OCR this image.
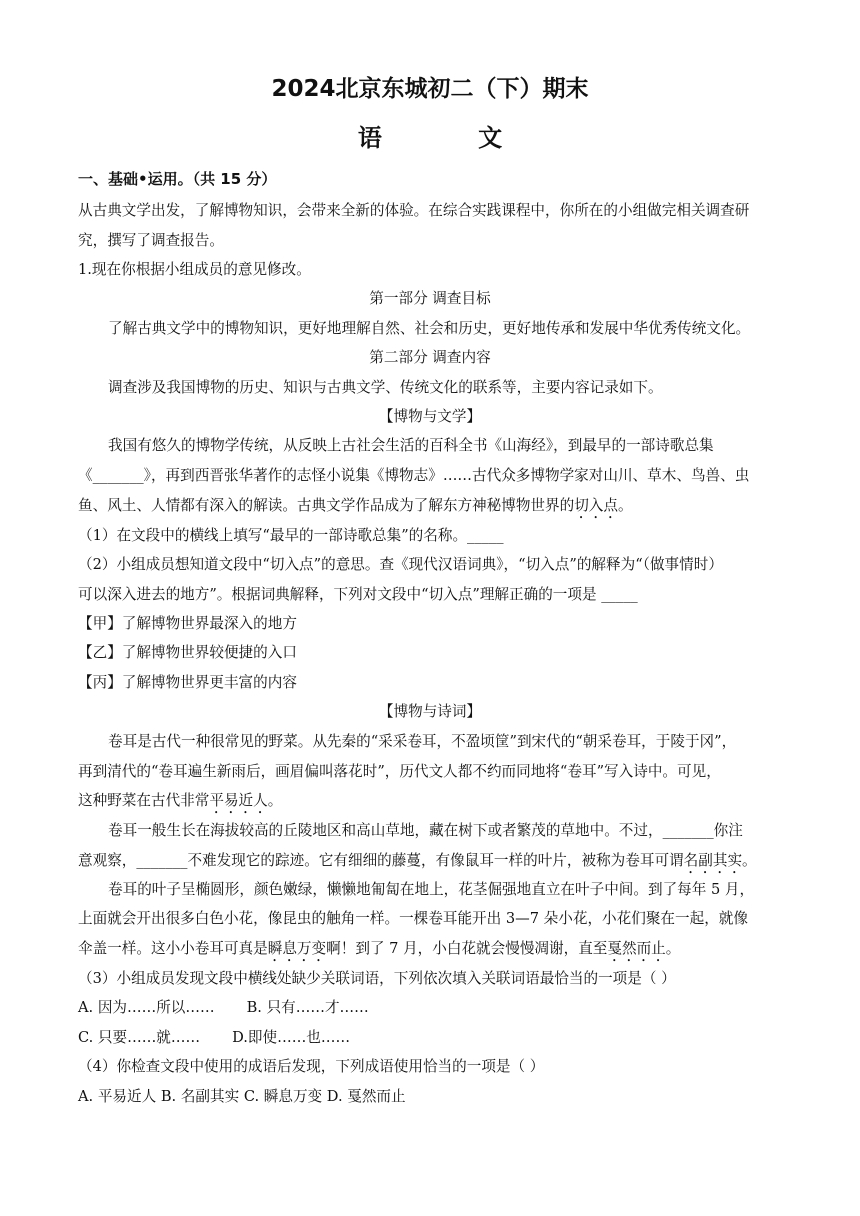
2024北京东城初二（下）期末
语 文
一、基础•运用。（共 15 分）
从古典文学出发，了解博物知识，会带来全新的体验。在综合实践课程中，你所在的小组做完相关调查研
究，撰写了调查报告。
1.现在你根据小组成员的意见修改。
第一部分 调查目标
了解古典文学中的博物知识，更好地理解自然、社会和历史，更好地传承和发展中华优秀传统文化。
第二部分 调查内容
调查涉及我国博物的历史、知识与古典文学、传统文化的联系等，主要内容记录如下。
【博物与文学】
我国有悠久的博物学传统，从反映上古社会生活的百科全书《山海经》，到最早的一部诗歌总集
《_______》，再到西晋张华著作的志怪小说集《博物志》……古代众多博物学家对山川、草木、鸟兽、虫
鱼、风土、人情都有深入的解读。古典文学作品成为了解东方神秘博物世界的切入点。
（1）在文段中的横线上填写“最早的一部诗歌总集”的名称。_____
（2）小组成员想知道文段中“切入点”的意思。查《现代汉语词典》，“切入点”的解释为“（做事情时）
可以深入进去的地方”。根据词典解释，下列对文段中“切入点”理解正确的一项是 _____
【甲】了解博物世界最深入的地方
【乙】了解博物世界较便捷的入口
【丙】了解博物世界更丰富的内容
【博物与诗词】
卷耳是古代一种很常见的野菜。从先秦的“采采卷耳，不盈顷筐”到宋代的“朝采卷耳，于陵于冈”，
再到清代的“卷耳遍生新雨后，画眉偏叫落花时”，历代文人都不约而同地将“卷耳”写入诗中。可见，
这种野菜在古代非常平易近人。
卷耳一般生长在海拔较高的丘陵地区和高山草地，藏在树下或者繁茂的草地中。不过，_______你注
意观察，_______不难发现它的踪迹。它有细细的藤蔓，有像鼠耳一样的叶片，被称为卷耳可谓名副其实。
卷耳的叶子呈椭圆形，颜色嫩绿，懒懒地匍匐在地上，花茎倔强地直立在叶子中间。到了每年 5 月，
上面就会开出很多白色小花，像昆虫的触角一样。一棵卷耳能开出 3—7 朵小花，小花们聚在一起，就像
伞盖一样。这小小卷耳可真是瞬息万变啊！到了 7 月，小白花就会慢慢凋谢，直至戛然而止。
（3）小组成员发现文段中横线处缺少关联词语，下列依次填入关联词语最恰当的一项是（ ）
A. 因为……所以…… B. 只有……才……
C. 只要……就…… D.即使……也……
（4）你检查文段中使用的成语后发现，下列成语使用恰当的一项是（ ）
A. 平易近人 B. 名副其实 C. 瞬息万变 D. 戛然而止
